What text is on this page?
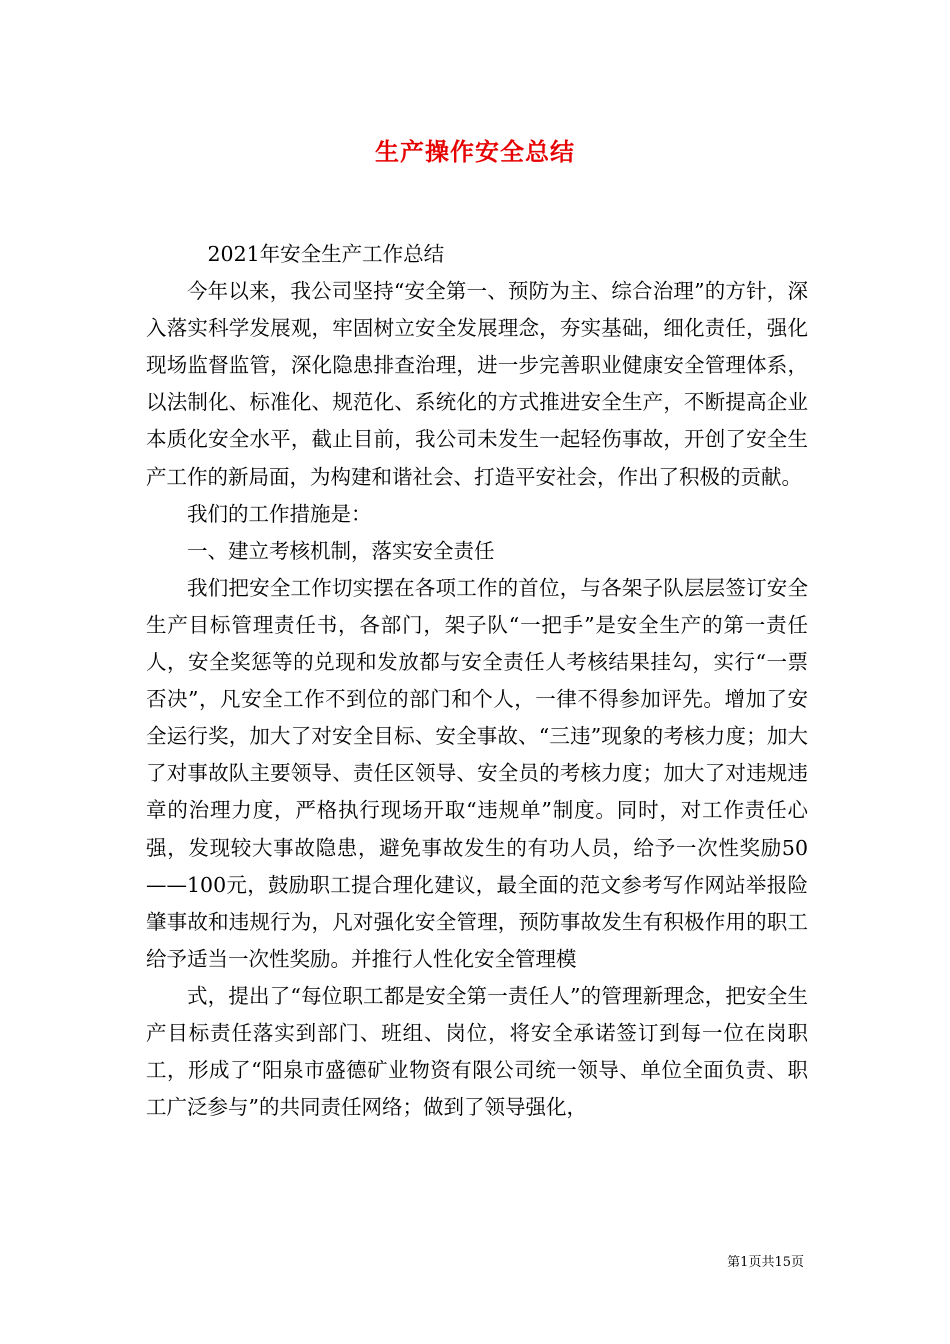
生产操作安全总结

2021年安全生产工作总结

今年以来，我公司坚持“安全第一、预防为主、综合治理”的方针，深入落实科学发展观，牢固树立安全发展理念，夯实基础，细化责任，强化现场监督监管，深化隐患排查治理，进一步完善职业健康安全管理体系，以法制化、标准化、规范化、系统化的方式推进安全生产，不断提高企业本质化安全水平，截止目前，我公司未发生一起轻伤事故，开创了安全生产工作的新局面，为构建和谐社会、打造平安社会，作出了积极的贡献。

我们的工作措施是：

一、建立考核机制，落实安全责任

我们把安全工作切实摆在各项工作的首位，与各架子队层层签订安全生产目标管理责任书，各部门，架子队“一把手”是安全生产的第一责任人，安全奖惩等的兑现和发放都与安全责任人考核结果挂勾，实行“一票否决”，凡安全工作不到位的部门和个人，一律不得参加评先。增加了安全运行奖，加大了对安全目标、安全事故、“三违”现象的考核力度；加大了对事故队主要领导、责任区领导、安全员的考核力度；加大了对违规违章的治理力度，严格执行现场开取“违规单”制度。同时，对工作责任心强，发现较大事故隐患，避免事故发生的有功人员，给予一次性奖励50——100元，鼓励职工提合理化建议，最全面的范文参考写作网站举报险肇事故和违规行为，凡对强化安全管理，预防事故发生有积极作用的职工给予适当一次性奖励。并推行人性化安全管理模

式，提出了“每位职工都是安全第一责任人”的管理新理念，把安全生产目标责任落实到部门、班组、岗位，将安全承诺签订到每一位在岗职工，形成了“阳泉市盛德矿业物资有限公司统一领导、单位全面负责、职工广泛参与”的共同责任网络；做到了领导强化，

第1页共15页
